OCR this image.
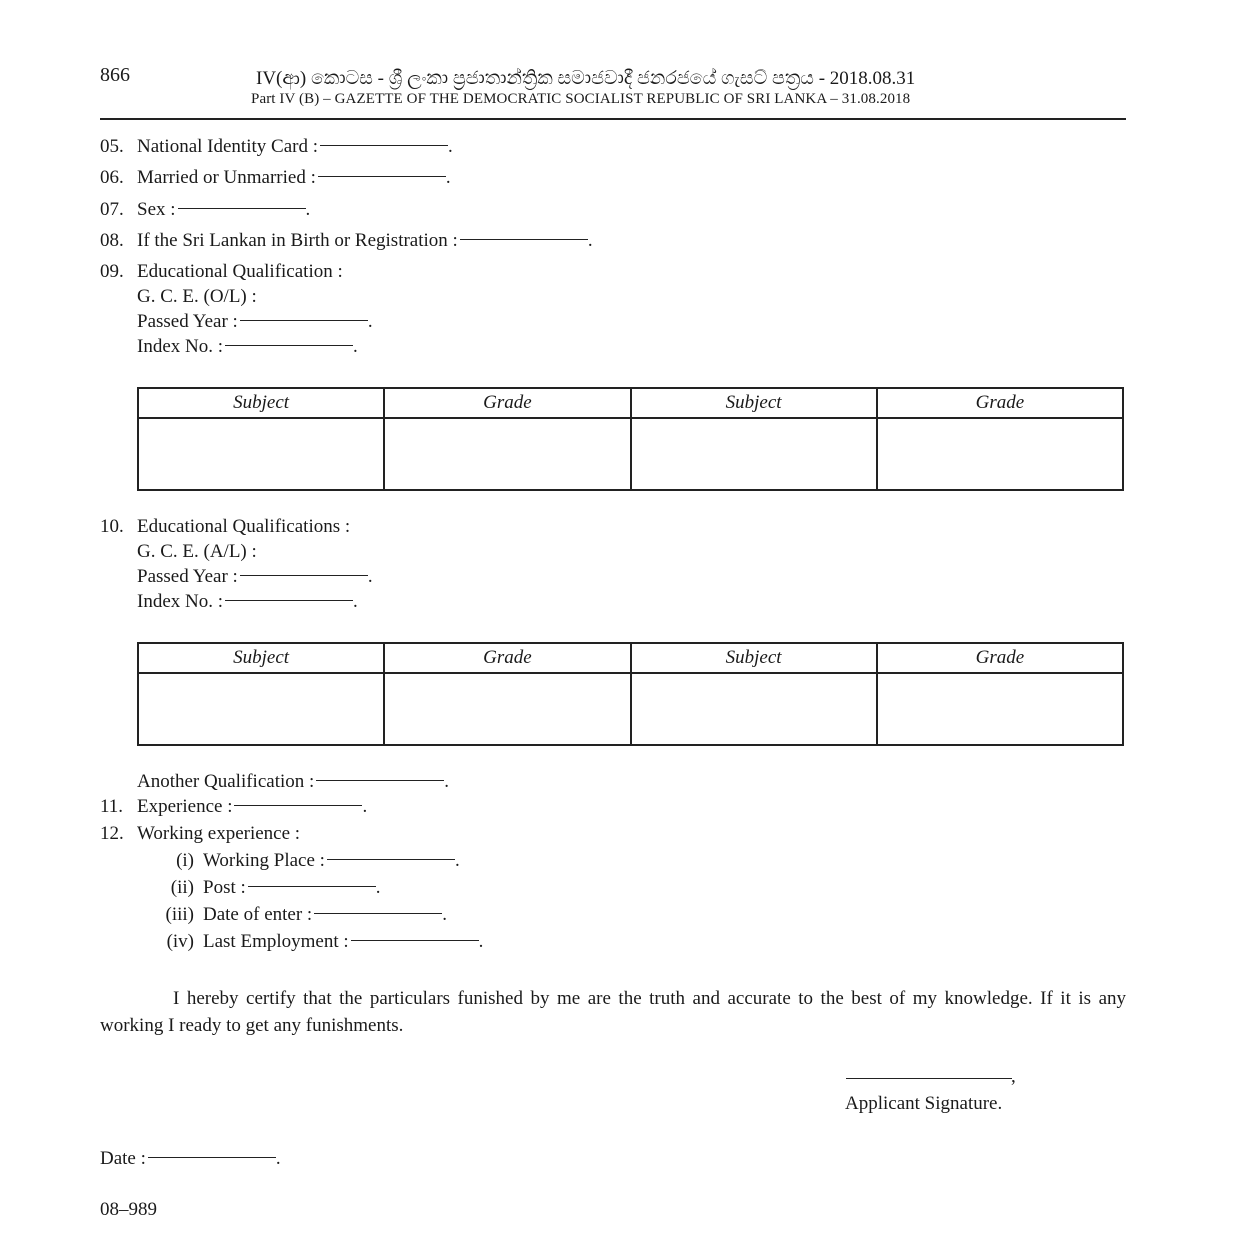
866	IV(ආ) කොටස - ශ්‍රී ලංකා ප්‍රජාතාන්ත්‍රික සමාජවාදී ජනරජයේ ගැසට් පත්‍රය - 2018.08.31
Part IV (B) – GAZETTE OF THE DEMOCRATIC SOCIALIST REPUBLIC OF SRI LANKA – 31.08.2018
05. National Identity Card :	.
06. Married or Unmarried :	.
07. Sex :	.
08. If the Sri Lankan in Birth or Registration :	.
09. Educational Qualification :
G. C. E. (O/L) :
Passed Year :	.
Index No. :	.
Subject	Grade	Subject	Grade

10. Educational Qualifications :
G. C. E. (A/L) :
Passed Year :	.
Index No. :	.
Subject	Grade	Subject	Grade

Another Qualification :	.
11. Experience :	.
12. Working experience :
(i) Working Place :	.
(ii) Post :	.
(iii) Date of enter :	.
(iv) Last Employment :	.
I hereby certify that the particulars funished by me are the truth and accurate to the best of my knowledge. If it is any working I ready to get any funishments.
,
Applicant Signature.
Date :	.
08–989
